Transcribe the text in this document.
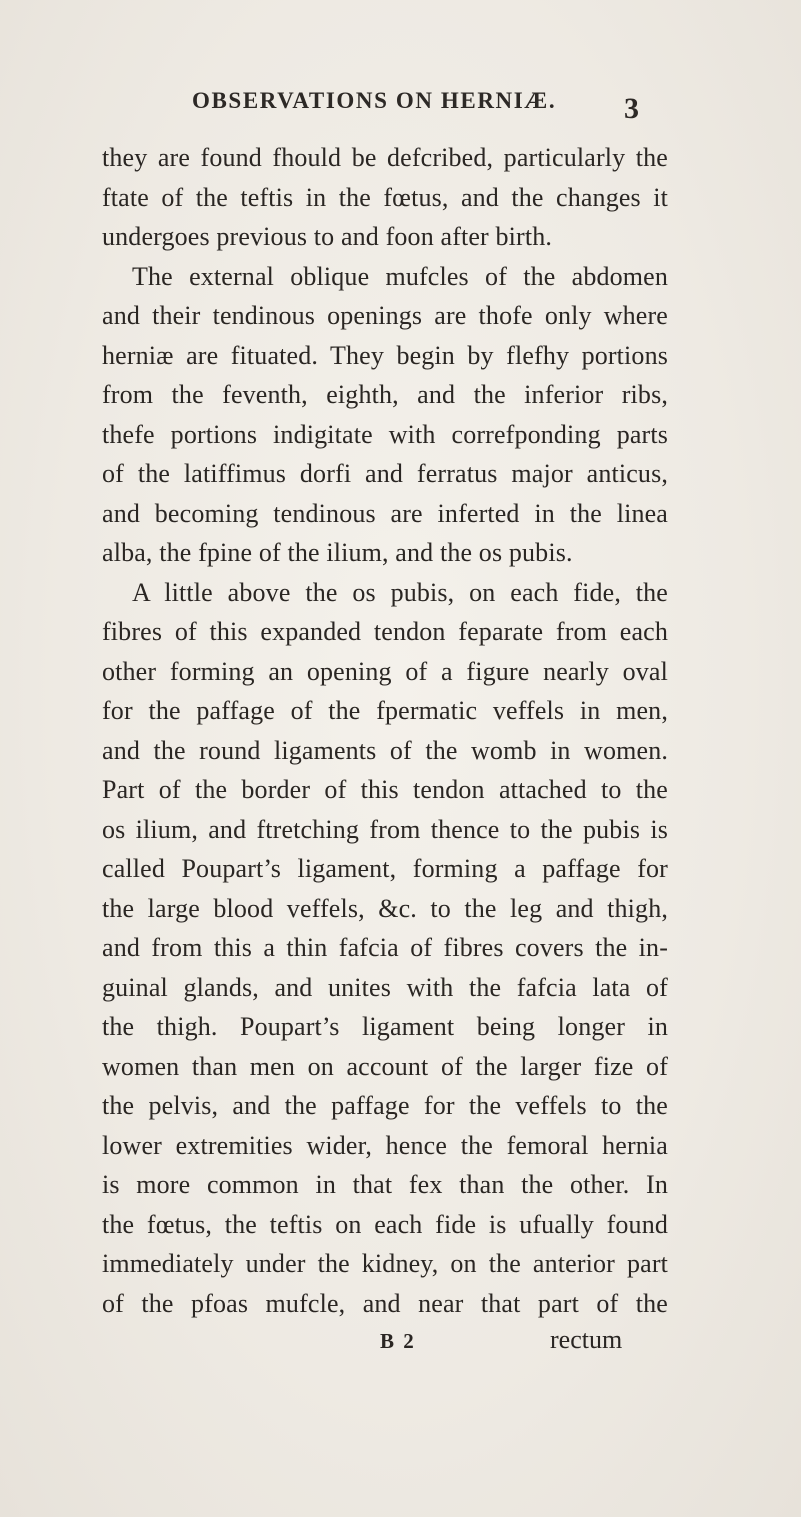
OBSERVATIONS ON HERNIÆ. 3
they are found fhould be defcribed, particularly the
ftate of the teftis in the fœtus, and the changes it
undergoes previous to and foon after birth.
The external oblique mufcles of the abdomen
and their tendinous openings are thofe only where
herniæ are fituated. They begin by flefhy portions
from the feventh, eighth, and the inferior ribs,
thefe portions indigitate with correfponding parts
of the latiffimus dorfi and ferratus major anticus,
and becoming tendinous are inferted in the linea
alba, the fpine of the ilium, and the os pubis.
A little above the os pubis, on each fide, the
fibres of this expanded tendon feparate from each
other forming an opening of a figure nearly oval
for the paffage of the fpermatic veffels in men,
and the round ligaments of the womb in women.
Part of the border of this tendon attached to the
os ilium, and ftretching from thence to the pubis is
called Poupart’s ligament, forming a paffage for
the large blood veffels, &c. to the leg and thigh,
and from this a thin fafcia of fibres covers the in-
guinal glands, and unites with the fafcia lata of
the thigh. Poupart’s ligament being longer in
women than men on account of the larger fize of
the pelvis, and the paffage for the veffels to the
lower extremities wider, hence the femoral hernia
is more common in that fex than the other. In
the fœtus, the teftis on each fide is ufually found
immediately under the kidney, on the anterior part
of the pfoas mufcle, and near that part of the
B 2	rectum
